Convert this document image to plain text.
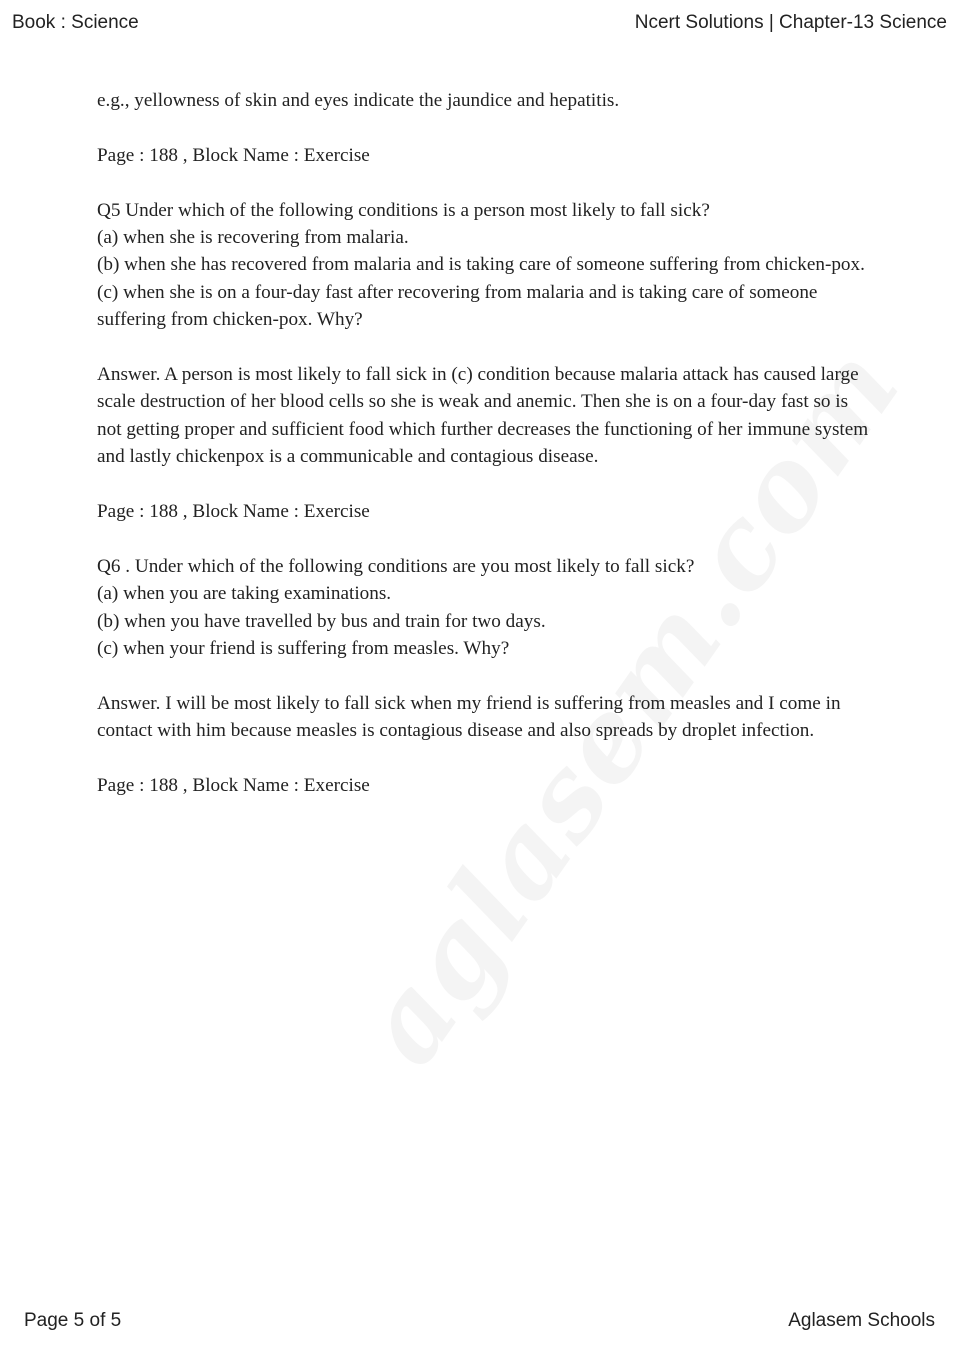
Book : Science	Ncert Solutions | Chapter-13 Science

e.g., yellowness of skin and eyes indicate the jaundice and hepatitis.

Page : 188 , Block Name : Exercise

Q5 Under which of the following conditions is a person most likely to fall sick?
(a) when she is recovering from malaria.
(b) when she has recovered from malaria and is taking care of someone suffering from chicken-pox.
(c) when she is on a four-day fast after recovering from malaria and is taking care of someone suffering from chicken-pox. Why?

Answer. A person is most likely to fall sick in (c) condition because malaria attack has caused large scale destruction of her blood cells so she is weak and anemic. Then she is on a four-day fast so is not getting proper and sufficient food which further decreases the functioning of her immune system and lastly chickenpox is a communicable and contagious disease.

Page : 188 , Block Name : Exercise

Q6 . Under which of the following conditions are you most likely to fall sick?
(a) when you are taking examinations.
(b) when you have travelled by bus and train for two days.
(c) when your friend is suffering from measles. Why?

Answer. I will be most likely to fall sick when my friend is suffering from measles and I come in contact with him because measles is contagious disease and also spreads by droplet infection.

Page : 188 , Block Name : Exercise

Page 5 of 5	Aglasem Schools
